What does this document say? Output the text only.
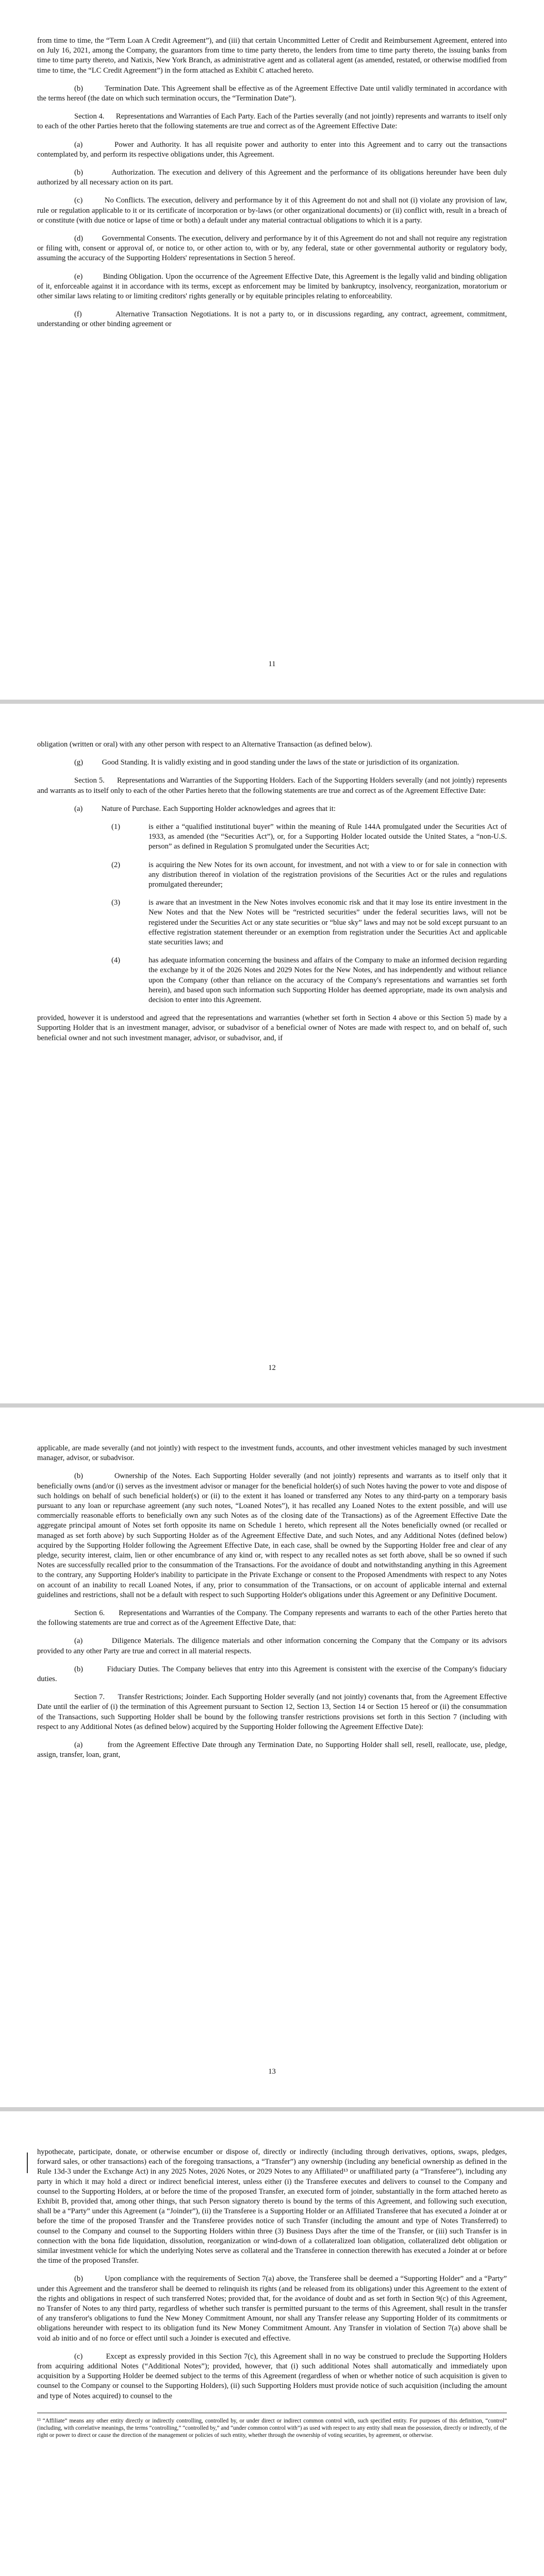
from time to time, the “Term Loan A Credit Agreement”), and (iii) that certain Uncommitted Letter of Credit and Reimbursement Agreement, entered into on July 16, 2021, among the Company, the guarantors from time to time party thereto, the lenders from time to time party thereto, the issuing banks from time to time party thereto, and Natixis, New York Branch, as administrative agent and as collateral agent (as amended, restated, or otherwise modified from time to time, the “LC Credit Agreement”) in the form attached as Exhibit C attached hereto.

(b)          Termination Date. This Agreement shall be effective as of the Agreement Effective Date until validly terminated in accordance with the terms hereof (the date on which such termination occurs, the “Termination Date”).

Section 4.      Representations and Warranties of Each Party. Each of the Parties severally (and not jointly) represents and warrants to itself only to each of the other Parties hereto that the following statements are true and correct as of the Agreement Effective Date:

(a)          Power and Authority. It has all requisite power and authority to enter into this Agreement and to carry out the transactions contemplated by, and perform its respective obligations under, this Agreement.

(b)          Authorization. The execution and delivery of this Agreement and the performance of its obligations hereunder have been duly authorized by all necessary action on its part.

(c)          No Conflicts. The execution, delivery and performance by it of this Agreement do not and shall not (i) violate any provision of law, rule or regulation applicable to it or its certificate of incorporation or by-laws (or other organizational documents) or (ii) conflict with, result in a breach of or constitute (with due notice or lapse of time or both) a default under any material contractual obligations to which it is a party.

(d)          Governmental Consents. The execution, delivery and performance by it of this Agreement do not and shall not require any registration or filing with, consent or approval of, or notice to, or other action to, with or by, any federal, state or other governmental authority or regulatory body, assuming the accuracy of the Supporting Holders' representations in Section 5 hereof.

(e)          Binding Obligation. Upon the occurrence of the Agreement Effective Date, this Agreement is the legally valid and binding obligation of it, enforceable against it in accordance with its terms, except as enforcement may be limited by bankruptcy, insolvency, reorganization, moratorium or other similar laws relating to or limiting creditors' rights generally or by equitable principles relating to enforceability.

(f)           Alternative Transaction Negotiations. It is not a party to, or in discussions regarding, any contract, agreement, commitment, understanding or other binding agreement or

11

obligation (written or oral) with any other person with respect to an Alternative Transaction (as defined below).

(g)          Good Standing. It is validly existing and in good standing under the laws of the state or jurisdiction of its organization.

Section 5.      Representations and Warranties of the Supporting Holders. Each of the Supporting Holders severally (and not jointly) represents and warrants as to itself only to each of the other Parties hereto that the following statements are true and correct as of the Agreement Effective Date:

(a)          Nature of Purchase. Each Supporting Holder acknowledges and agrees that it:

(1)	is either a “qualified institutional buyer” within the meaning of Rule 144A promulgated under the Securities Act of 1933, as amended (the “Securities Act”), or, for a Supporting Holder located outside the United States, a “non-U.S. person” as defined in Regulation S promulgated under the Securities Act;
(2)	is acquiring the New Notes for its own account, for investment, and not with a view to or for sale in connection with any distribution thereof in violation of the registration provisions of the Securities Act or the rules and regulations promulgated thereunder;
(3)	is aware that an investment in the New Notes involves economic risk and that it may lose its entire investment in the New Notes and that the New Notes will be “restricted securities” under the federal securities laws, will not be registered under the Securities Act or any state securities or “blue sky” laws and may not be sold except pursuant to an effective registration statement thereunder or an exemption from registration under the Securities Act and applicable state securities laws; and
(4)	has adequate information concerning the business and affairs of the Company to make an informed decision regarding the exchange by it of the 2026 Notes and 2029 Notes for the New Notes, and has independently and without reliance upon the Company (other than reliance on the accuracy of the Company's representations and warranties set forth herein), and based upon such information such Supporting Holder has deemed appropriate, made its own analysis and decision to enter into this Agreement.

provided, however it is understood and agreed that the representations and warranties (whether set forth in Section 4 above or this Section 5) made by a Supporting Holder that is an investment manager, advisor, or subadvisor of a beneficial owner of Notes are made with respect to, and on behalf of, such beneficial owner and not such investment manager, advisor, or subadvisor, and, if

12

applicable, are made severally (and not jointly) with respect to the investment funds, accounts, and other investment vehicles managed by such investment manager, advisor, or subadvisor.

(b)          Ownership of the Notes. Each Supporting Holder severally (and not jointly) represents and warrants as to itself only that it beneficially owns (and/or (i) serves as the investment advisor or manager for the beneficial holder(s) of such Notes having the power to vote and dispose of such holdings on behalf of such beneficial holder(s) or (ii) to the extent it has loaned or transferred any Notes to any third-party on a temporary basis pursuant to any loan or repurchase agreement (any such notes, “Loaned Notes”), it has recalled any Loaned Notes to the extent possible, and will use commercially reasonable efforts to beneficially own any such Notes as of the closing date of the Transactions) as of the Agreement Effective Date the aggregate principal amount of Notes set forth opposite its name on Schedule 1 hereto, which represent all the Notes beneficially owned (or recalled or managed as set forth above) by such Supporting Holder as of the Agreement Effective Date, and such Notes, and any Additional Notes (defined below) acquired by the Supporting Holder following the Agreement Effective Date, in each case, shall be owned by the Supporting Holder free and clear of any pledge, security interest, claim, lien or other encumbrance of any kind or, with respect to any recalled notes as set forth above, shall be so owned if such Notes are successfully recalled prior to the consummation of the Transactions. For the avoidance of doubt and notwithstanding anything in this Agreement to the contrary, any Supporting Holder's inability to participate in the Private Exchange or consent to the Proposed Amendments with respect to any Notes on account of an inability to recall Loaned Notes, if any, prior to consummation of the Transactions, or on account of applicable internal and external guidelines and restrictions, shall not be a default with respect to such Supporting Holder's obligations under this Agreement or any Definitive Document.

Section 6.      Representations and Warranties of the Company. The Company represents and warrants to each of the other Parties hereto that the following statements are true and correct as of the Agreement Effective Date, that:

(a)          Diligence Materials. The diligence materials and other information concerning the Company that the Company or its advisors provided to any other Party are true and correct in all material respects.

(b)          Fiduciary Duties. The Company believes that entry into this Agreement is consistent with the exercise of the Company's fiduciary duties.

Section 7.      Transfer Restrictions; Joinder. Each Supporting Holder severally (and not jointly) covenants that, from the Agreement Effective Date until the earlier of (i) the termination of this Agreement pursuant to Section 12, Section 13, Section 14 or Section 15 hereof or (ii) the consummation of the Transactions, such Supporting Holder shall be bound by the following transfer restrictions provisions set forth in this Section 7 (including with respect to any Additional Notes (as defined below) acquired by the Supporting Holder following the Agreement Effective Date):

(a)          from the Agreement Effective Date through any Termination Date, no Supporting Holder shall sell, resell, reallocate, use, pledge, assign, transfer, loan, grant,

13

hypothecate, participate, donate, or otherwise encumber or dispose of, directly or indirectly (including through derivatives, options, swaps, pledges, forward sales, or other transactions) each of the foregoing transactions, a “Transfer”) any ownership (including any beneficial ownership as defined in the Rule 13d-3 under the Exchange Act) in any 2025 Notes, 2026 Notes, or 2029 Notes to any Affiliated¹³ or unaffiliated party (a “Transferee”), including any party in which it may hold a direct or indirect beneficial interest, unless either (i) the Transferee executes and delivers to counsel to the Company and counsel to the Supporting Holders, at or before the time of the proposed Transfer, an executed form of joinder, substantially in the form attached hereto as Exhibit B, provided that, among other things, that such Person signatory thereto is bound by the terms of this Agreement, and following such execution, shall be a “Party” under this Agreement (a “Joinder”), (ii) the Transferee is a Supporting Holder or an Affiliated Transferee that has executed a Joinder at or before the time of the proposed Transfer and the Transferee provides notice of such Transfer (including the amount and type of Notes Transferred) to counsel to the Company and counsel to the Supporting Holders within three (3) Business Days after the time of the Transfer, or (iii) such Transfer is in connection with the bona fide liquidation, dissolution, reorganization or wind-down of a collateralized loan obligation, collateralized debt obligation or similar investment vehicle for which the underlying Notes serve as collateral and the Transferee in connection therewith has executed a Joinder at or before the time of the proposed Transfer.

(b)          Upon compliance with the requirements of Section 7(a) above, the Transferee shall be deemed a “Supporting Holder” and a “Party” under this Agreement and the transferor shall be deemed to relinquish its rights (and be released from its obligations) under this Agreement to the extent of the rights and obligations in respect of such transferred Notes; provided that, for the avoidance of doubt and as set forth in Section 9(c) of this Agreement, no Transfer of Notes to any third party, regardless of whether such transfer is permitted pursuant to the terms of this Agreement, shall result in the transfer of any transferor's obligations to fund the New Money Commitment Amount, nor shall any Transfer release any Supporting Holder of its commitments or obligations hereunder with respect to its obligation fund its New Money Commitment Amount. Any Transfer in violation of Section 7(a) above shall be void ab initio and of no force or effect until such a Joinder is executed and effective.

(c)          Except as expressly provided in this Section 7(c), this Agreement shall in no way be construed to preclude the Supporting Holders from acquiring additional Notes (“Additional Notes”); provided, however, that (i) such additional Notes shall automatically and immediately upon acquisition by a Supporting Holder be deemed subject to the terms of this Agreement (regardless of when or whether notice of such acquisition is given to counsel to the Company or counsel to the Supporting Holders), (ii) such Supporting Holders must provide notice of such acquisition (including the amount and type of Notes acquired) to counsel to the

¹³ “Affiliate” means any other entity directly or indirectly controlling, controlled by, or under direct or indirect common control with, such specified entity. For purposes of this definition, “control” (including, with correlative meanings, the terms “controlling,” “controlled by,” and “under common control with”) as used with respect to any entity shall mean the possession, directly or indirectly, of the right or power to direct or cause the direction of the management or policies of such entity, whether through the ownership of voting securities, by agreement, or otherwise.
